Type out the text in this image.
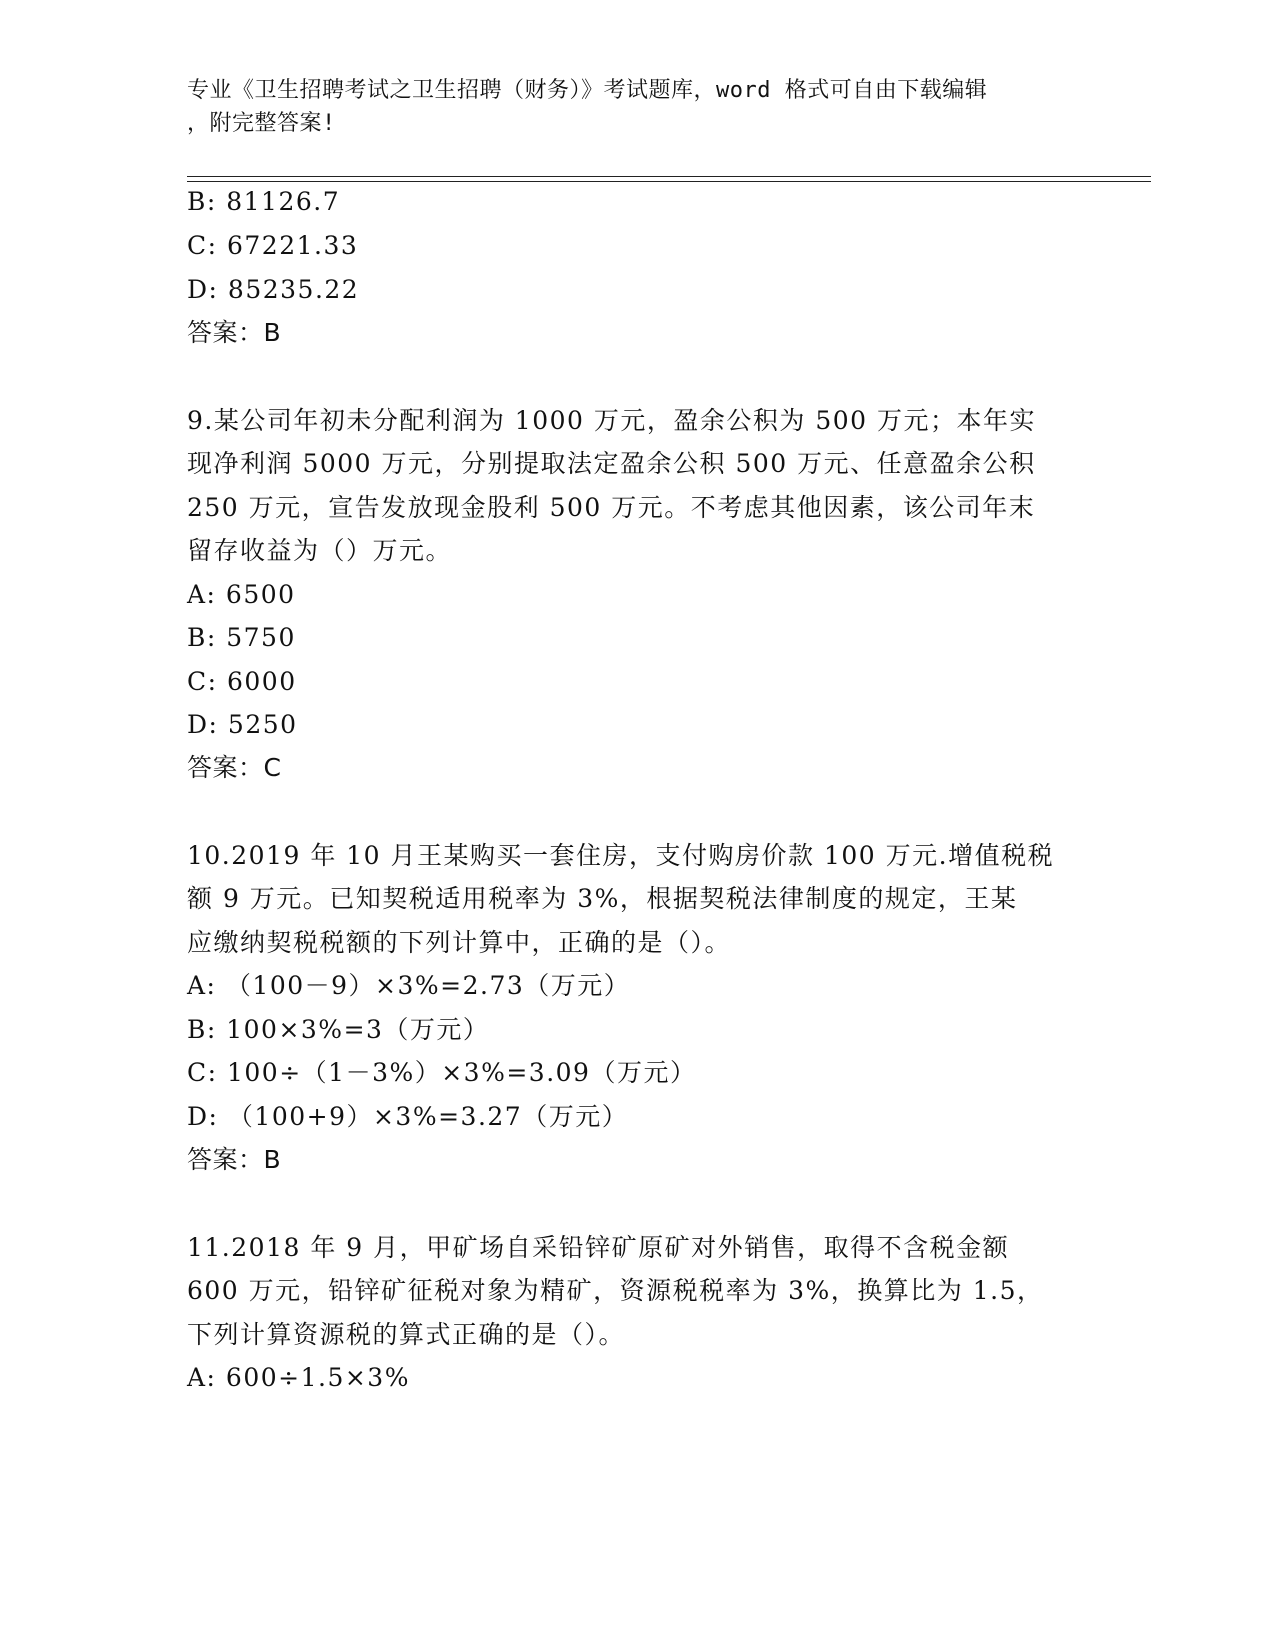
专业《卫生招聘考试之卫生招聘（财务）》考试题库，word 格式可自由下载编辑
，附完整答案!
B: 81126.7
C: 67221.33
D: 85235.22
答案：B
9.某公司年初未分配利润为 1000 万元，盈余公积为 500 万元；本年实
现净利润 5000 万元，分别提取法定盈余公积 500 万元、任意盈余公积
250 万元，宣告发放现金股利 500 万元。不考虑其他因素，该公司年末
留存收益为（）万元。
A: 6500
B: 5750
C: 6000
D: 5250
答案：C
10.2019 年 10 月王某购买一套住房，支付购房价款 100 万元.增值税税
额 9 万元。已知契税适用税率为 3%，根据契税法律制度的规定，王某
应缴纳契税税额的下列计算中，正确的是（）。
A: （100－9）×3%=2.73（万元）
B: 100×3%=3（万元）
C: 100÷（1－3%）×3%=3.09（万元）
D: （100+9）×3%=3.27（万元）
答案：B
11.2018 年 9 月，甲矿场自采铅锌矿原矿对外销售，取得不含税金额
600 万元，铅锌矿征税对象为精矿，资源税税率为 3%，换算比为 1.5，
下列计算资源税的算式正确的是（）。
A: 600÷1.5×3%
